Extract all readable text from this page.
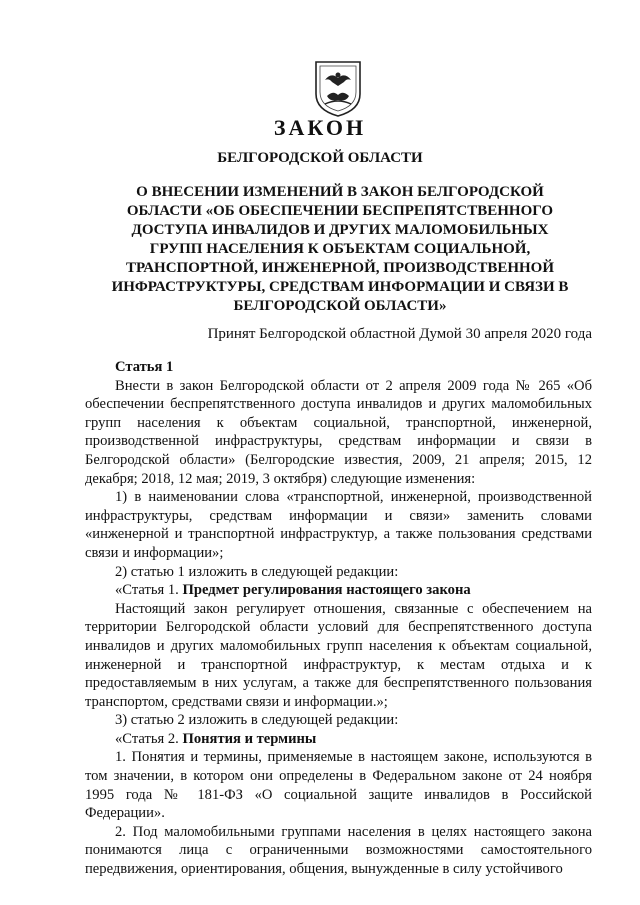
ЗАКОН
БЕЛГОРОДСКОЙ ОБЛАСТИ
О ВНЕСЕНИИ ИЗМЕНЕНИЙ В ЗАКОН БЕЛГОРОДСКОЙ ОБЛАСТИ «ОБ ОБЕСПЕЧЕНИИ БЕСПРЕПЯТСТВЕННОГО ДОСТУПА ИНВАЛИДОВ И ДРУГИХ МАЛОМОБИЛЬНЫХ ГРУПП НАСЕЛЕНИЯ К ОБЪЕКТАМ СОЦИАЛЬНОЙ, ТРАНСПОРТНОЙ, ИНЖЕНЕРНОЙ, ПРОИЗВОДСТВЕННОЙ ИНФРАСТРУКТУРЫ, СРЕДСТВАМ ИНФОРМАЦИИ И СВЯЗИ В БЕЛГОРОДСКОЙ ОБЛАСТИ»
Принят Белгородской областной Думой 30 апреля 2020 года

Статья 1

Внести в закон Белгородской области от 2 апреля 2009 года № 265 «Об обеспечении беспрепятственного доступа инвалидов и других маломобильных групп населения к объектам социальной, транспортной, инженерной, производственной инфраструктуры, средствам информации и связи в Белгородской области» (Белгородские известия, 2009, 21 апреля; 2015, 12 декабря; 2018, 12 мая; 2019, 3 октября) следующие изменения:

1) в наименовании слова «транспортной, инженерной, производственной инфраструктуры, средствам информации и связи» заменить словами «инженерной и транспортной инфраструктур, а также пользования средствами связи и информации»;

2) статью 1 изложить в следующей редакции:

«Статья 1. Предмет регулирования настоящего закона

Настоящий закон регулирует отношения, связанные с обеспечением на территории Белгородской области условий для беспрепятственного доступа инвалидов и других маломобильных групп населения к объектам социальной, инженерной и транспортной инфраструктур, к местам отдыха и к предоставляемым в них услугам, а также для беспрепятственного пользования транспортом, средствами связи и информации.»;

3) статью 2 изложить в следующей редакции:

«Статья 2. Понятия и термины

1. Понятия и термины, применяемые в настоящем законе, используются в том значении, в котором они определены в Федеральном законе от 24 ноября 1995 года № 181-ФЗ «О социальной защите инвалидов в Российской Федерации».

2. Под маломобильными группами населения в целях настоящего закона понимаются лица с ограниченными возможностями самостоятельного передвижения, ориентирования, общения, вынужденные в силу устойчивого
